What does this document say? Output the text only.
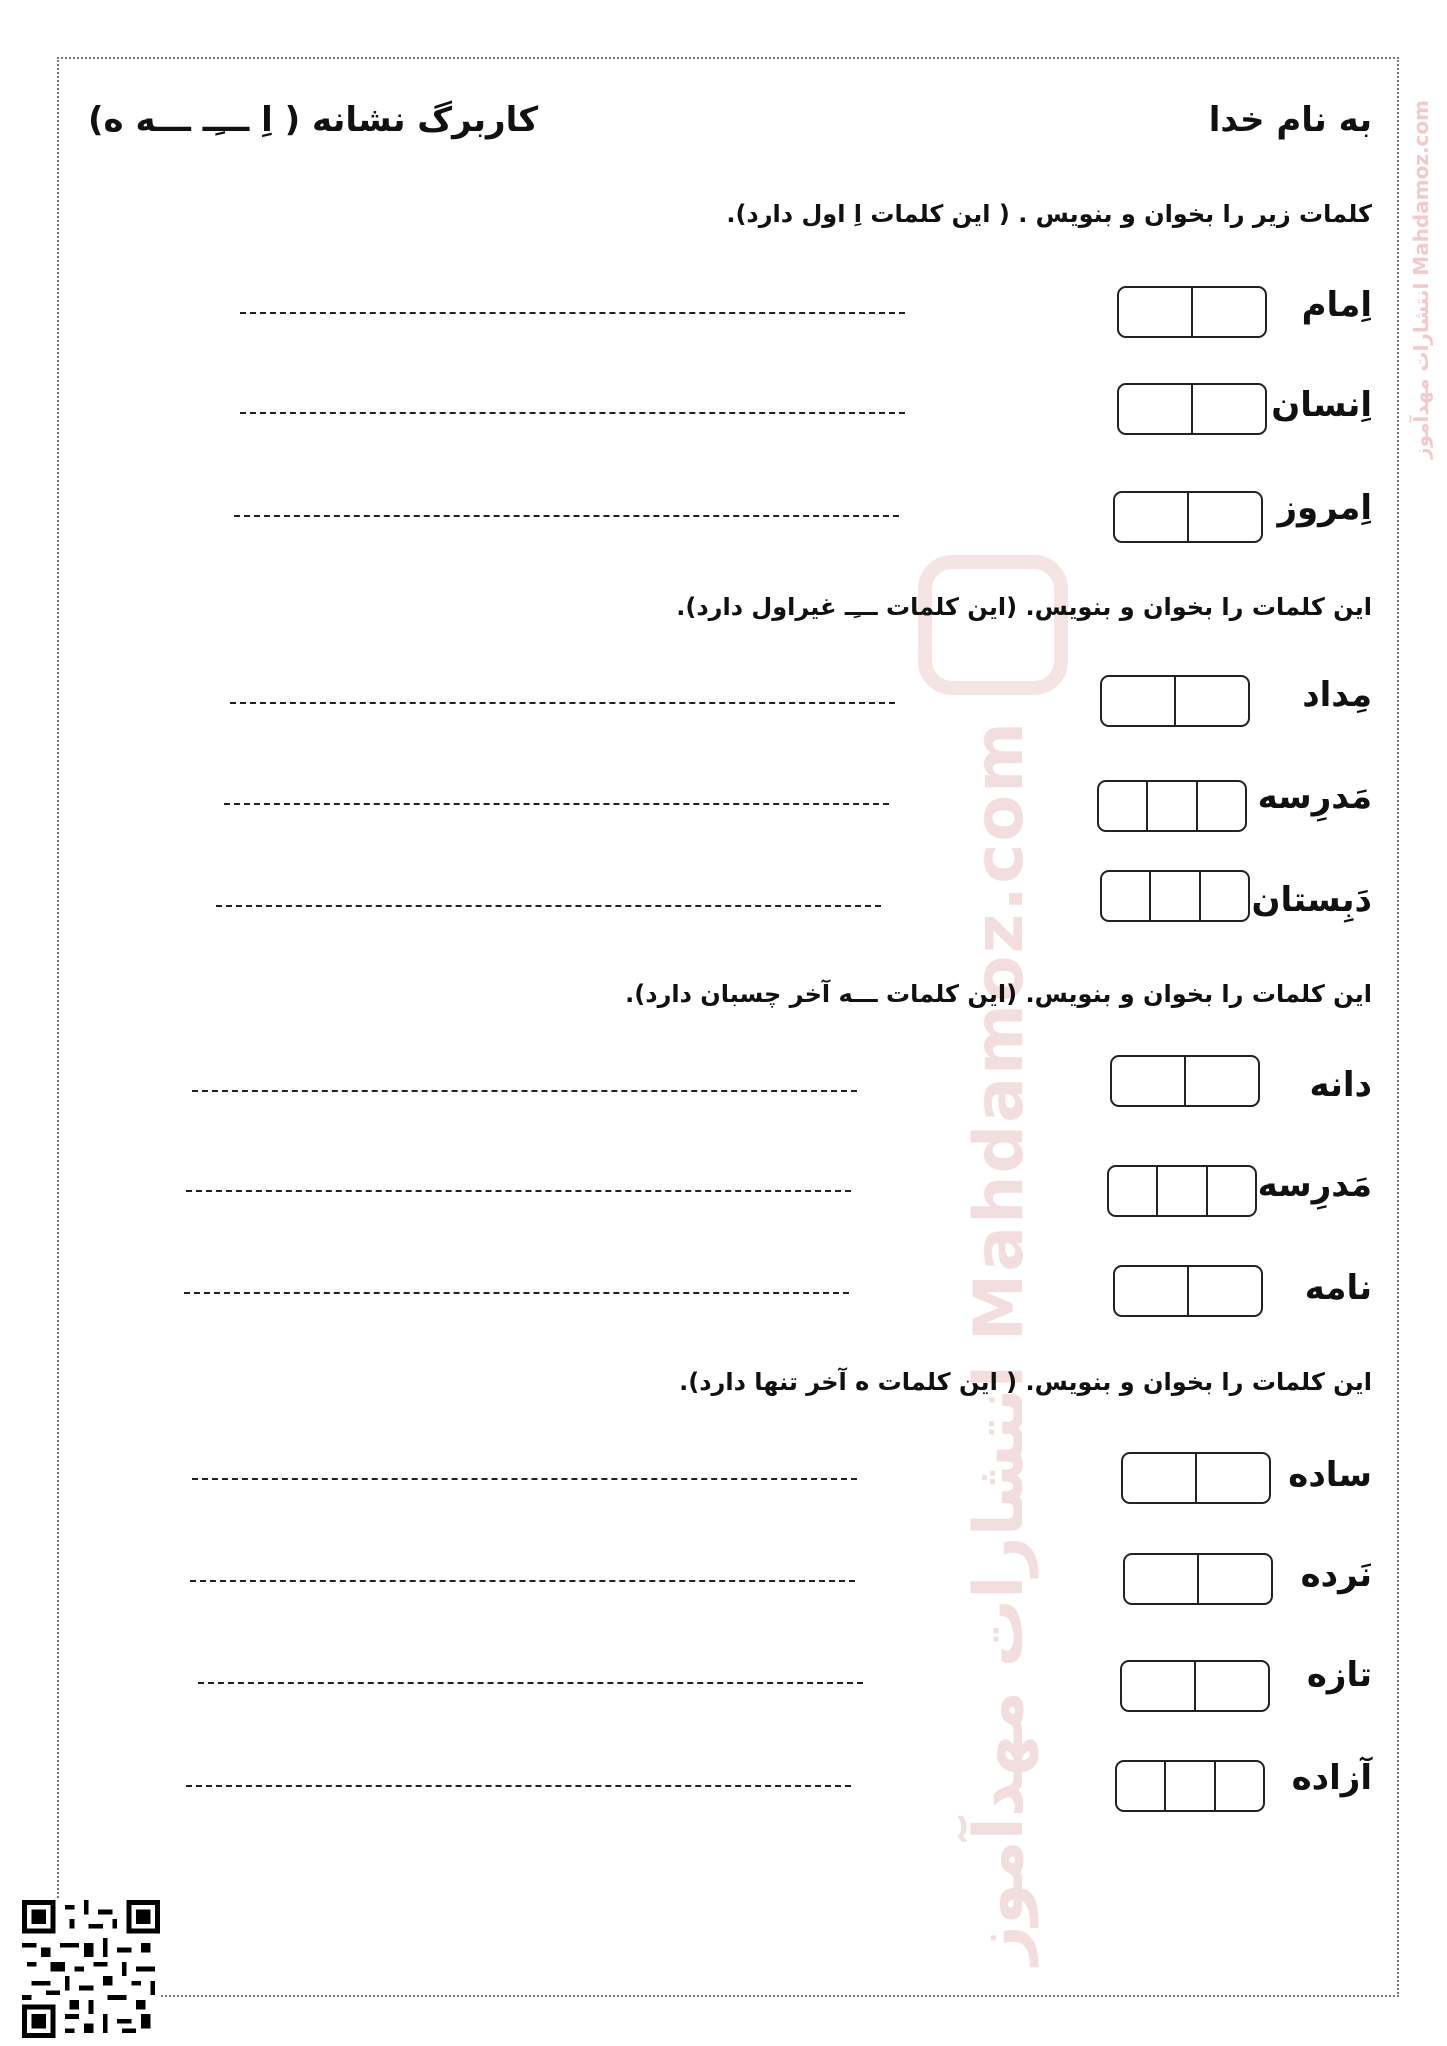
انتشارات مهدآموز Mahdamoz.com
انتشارات مهدآموز Mahdamoz.com
به نام خدا
کاربرگ نشانه ( اِ ـــِـ ـــه ه)
کلمات زیر را بخوان و بنویس . ( این کلمات اِ اول دارد).
اِمام
اِنسان
اِمروز
این کلمات را بخوان و بنویس. (این کلمات ـــِـ غیراول دارد).
مِداد
مَدرِسه
دَبِستان
این کلمات را بخوان و بنویس. (این کلمات ـــه آخر چسبان دارد).
دانه
مَدرِسه
نامه
این کلمات را بخوان و بنویس. ( این کلمات ه آخر تنها دارد).
ساده
نَرده
تازه
آزاده
